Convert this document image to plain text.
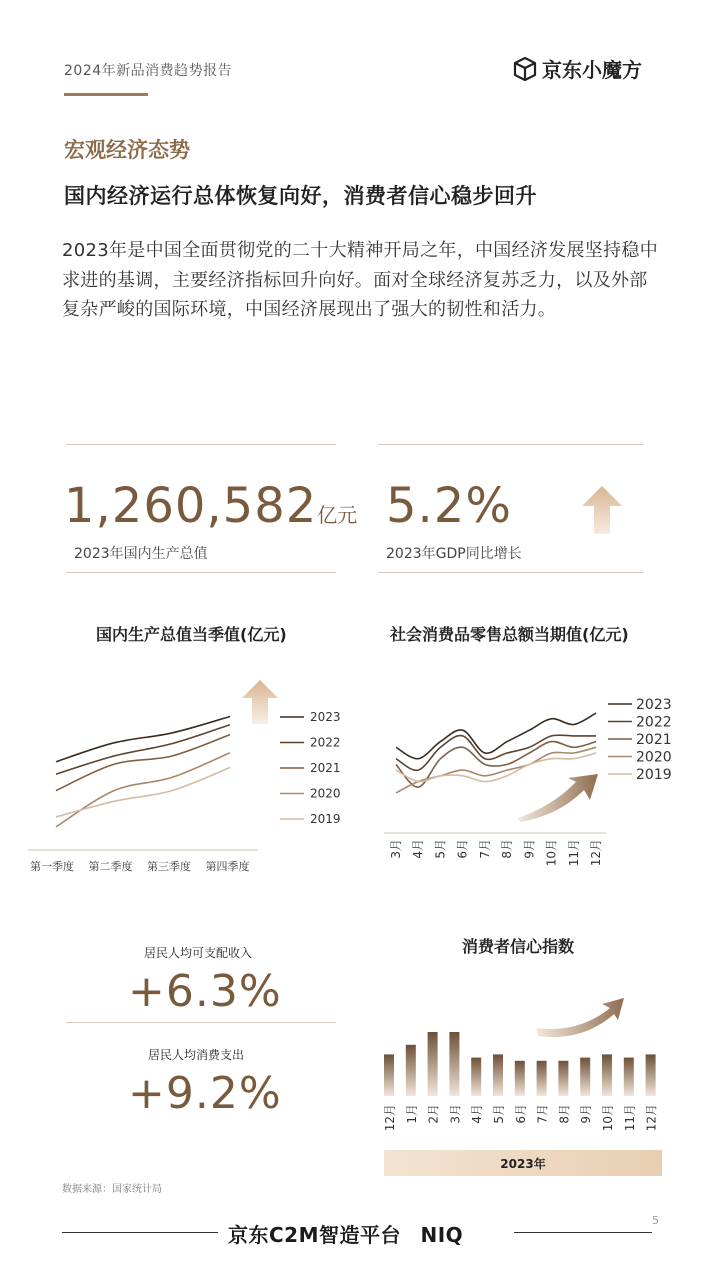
2024年新品消费趋势报告	京东小魔方
宏观经济态势
国内经济运行总体恢复向好，消费者信心稳步回升
2023年是中国全面贯彻党的二十大精神开局之年，中国经济发展坚持稳中求进的基调，主要经济指标回升向好。面对全球经济复苏乏力，以及外部复杂严峻的国际环境，中国经济展现出了强大的韧性和活力。
1,260,582 亿元
2023年国内生产总值
5.2%
2023年GDP同比增长
国内生产总值当季值(亿元)
2023
2022
2021
2020
2019
第一季度 第二季度 第三季度 第四季度
社会消费品零售总额当期值(亿元)
2023
2022
2021
2020
2019
3月 4月 5月 6月 7月 8月 9月 10月 11月 12月
居民人均可支配收入
+6.3%
居民人均消费支出
+9.2%
消费者信心指数
12月 1月 2月 3月 4月 5月 6月 7月 8月 9月 10月 11月 12月
2023年
数据来源：国家统计局
京东C2M智造平台 NIQ
5
